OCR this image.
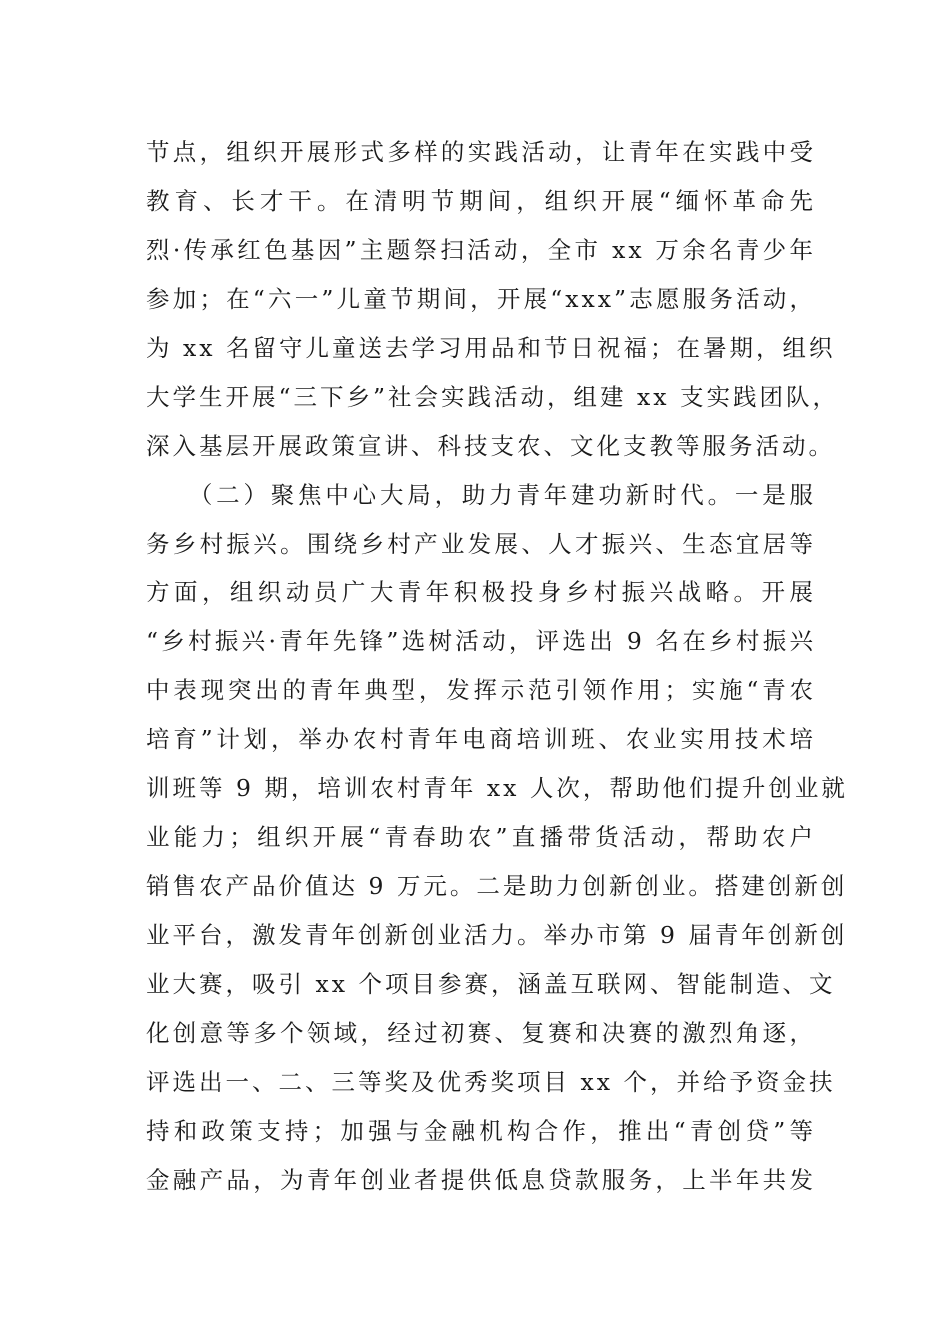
节点，组织开展形式多样的实践活动，让青年在实践中受
教育、长才干。在清明节期间，组织开展“缅怀革命先
烈·传承红色基因”主题祭扫活动，全市 xx 万余名青少年
参加；在“六一”儿童节期间，开展“xxx”志愿服务活动，
为 xx 名留守儿童送去学习用品和节日祝福；在暑期，组织
大学生开展“三下乡”社会实践活动，组建 xx 支实践团队，
深入基层开展政策宣讲、科技支农、文化支教等服务活动。
　　（二）聚焦中心大局，助力青年建功新时代。一是服
务乡村振兴。围绕乡村产业发展、人才振兴、生态宜居等
方面，组织动员广大青年积极投身乡村振兴战略。开展
“乡村振兴·青年先锋”选树活动，评选出 9 名在乡村振兴
中表现突出的青年典型，发挥示范引领作用；实施“青农
培育”计划，举办农村青年电商培训班、农业实用技术培
训班等 9 期，培训农村青年 xx 人次，帮助他们提升创业就
业能力；组织开展“青春助农”直播带货活动，帮助农户
销售农产品价值达 9 万元。二是助力创新创业。搭建创新创
业平台，激发青年创新创业活力。举办市第 9 届青年创新创
业大赛，吸引 xx 个项目参赛，涵盖互联网、智能制造、文
化创意等多个领域，经过初赛、复赛和决赛的激烈角逐，
评选出一、二、三等奖及优秀奖项目 xx 个，并给予资金扶
持和政策支持；加强与金融机构合作，推出“青创贷”等
金融产品，为青年创业者提供低息贷款服务，上半年共发
